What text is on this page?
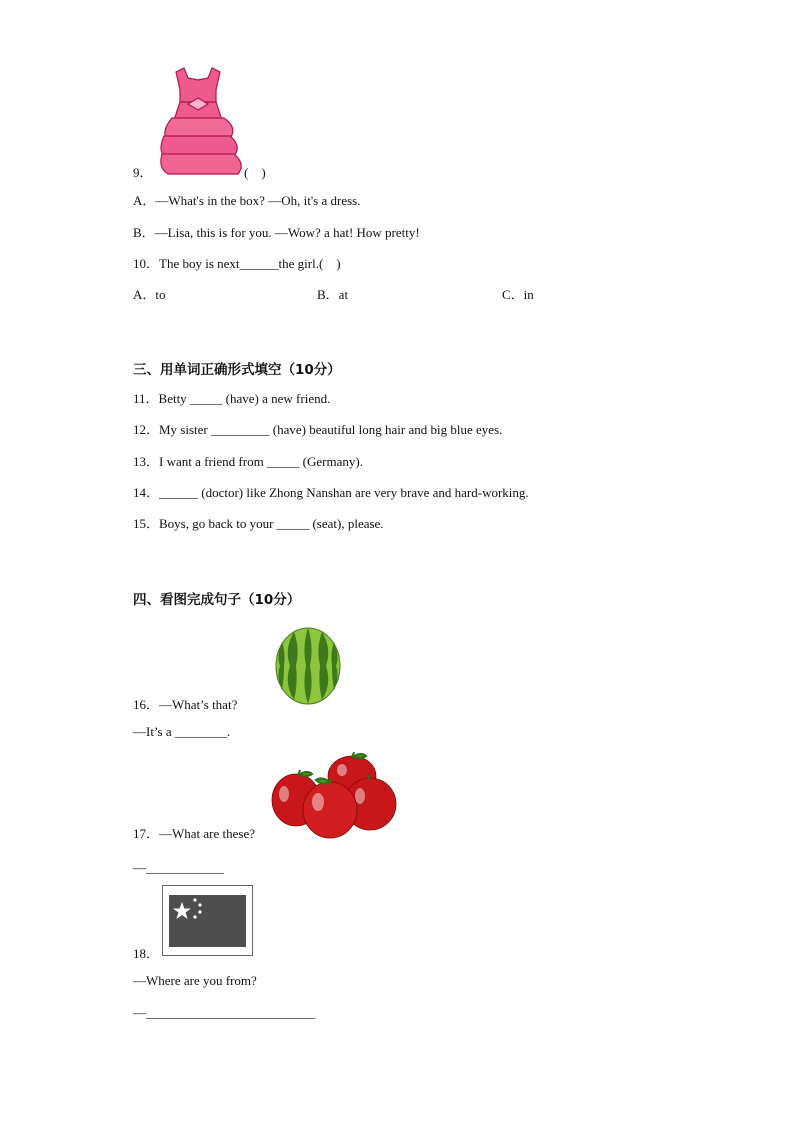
9．	(    )
A．—What's in the box? —Oh, it's a dress.
B．—Lisa, this is for you. —Wow? a hat! How pretty!
10．The boy is next______the girl.(    )
A．to	B．at	C．in
三、用单词正确形式填空（10分）
11．Betty _____ (have) a new friend.
12．My sister _________ (have) beautiful long hair and big blue eyes.
13．I want a friend from _____ (Germany).
14．______ (doctor) like Zhong Nanshan are very brave and hard-working.
15．Boys, go back to your _____ (seat), please.
四、看图完成句子（10分）
16．—What’s that?
—It’s a ________.
17．—What are these?
—____________
18．
—Where are you from?
—__________________________
